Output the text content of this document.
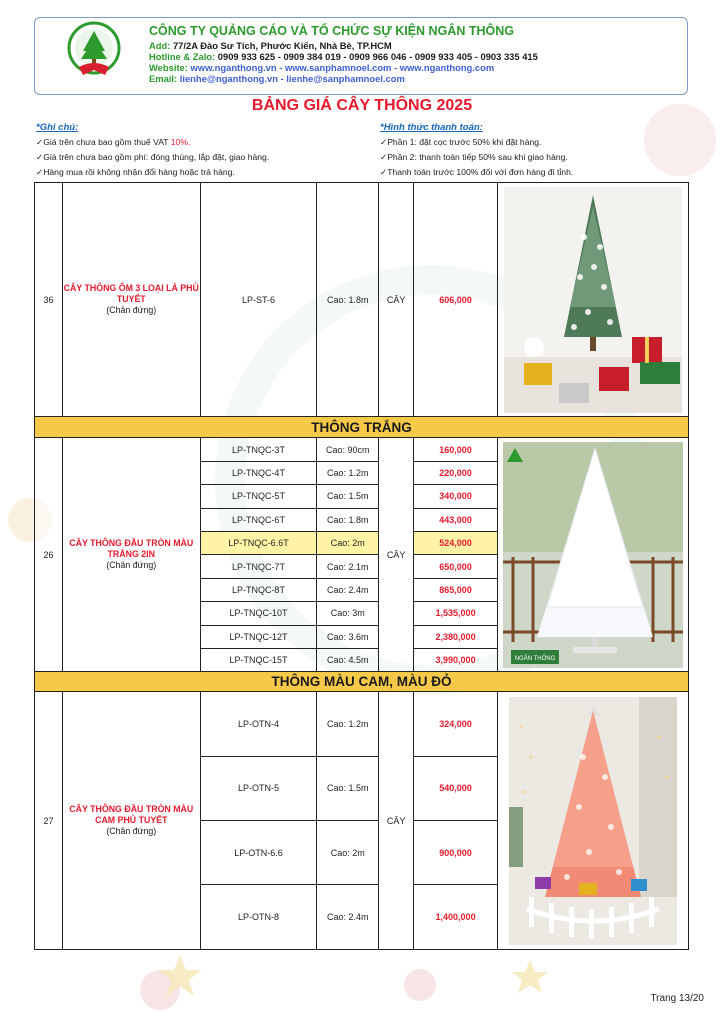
CÔNG TY QUẢNG CÁO VÀ TỔ CHỨC SỰ KIỆN NGÂN THÔNG
Add: 77/2A Đào Sư Tích, Phước Kiển, Nhà Bè, TP.HCM
Hotline & Zalo: 0909 933 625 - 0909 384 019 - 0909 966 046 - 0909 933 405 - 0903 335 415
Website: www.nganthong.vn - www.sanphamnoel.com - www.nganthong.com
Email: lienhe@nganthong.vn - lienhe@sanphamnoel.com
BẢNG GIÁ CÂY THÔNG 2025
*Ghi chú:
✓Giá trên chưa bao gồm thuế VAT 10%.
✓Giá trên chưa bao gồm phí: đóng thùng, lắp đặt, giao hàng.
✓Hàng mua rồi không nhận đổi hàng hoặc trả hàng.
*Hình thức thanh toán:
✓Phần 1: đặt cọc trước 50% khi đặt hàng.
✓Phần 2: thanh toán tiếp 50% sau khi giao hàng.
✓Thanh toán trước 100% đối với đơn hàng đi tỉnh.
36	CÂY THÔNG ÔM 3 LOẠI LÁ PHỦ TUYẾT
(Chân đứng)	LP-ST-6	Cao: 1.8m	CÂY	606,000	

THÔNG TRẮNG						
26	CÂY THÔNG ĐẦU TRÒN MÀU TRẮNG 2IN
(Chân đứng)	LP-TNQC-3T	Cao: 90cm	CÂY	160,000	NGÂN THÔNG

		LP-TNQC-4T	Cao: 1.2m		220,000	
		LP-TNQC-5T	Cao: 1.5m		340,000	
		LP-TNQC-6T	Cao: 1.8m		443,000	
		LP-TNQC-6.6T	Cao: 2m		524,000	
		LP-TNQC-7T	Cao: 2.1m		650,000	
		LP-TNQC-8T	Cao: 2.4m		865,000	
		LP-TNQC-10T	Cao: 3m		1,535,000	
		LP-TNQC-12T	Cao: 3.6m		2,380,000	
		LP-TNQC-15T	Cao: 4.5m		3,990,000	
THÔNG MÀU CAM, MÀU ĐỎ						
27	CÂY THÔNG ĐẦU TRÒN MÀU CAM PHỦ TUYẾT
(Chân đứng)	LP-OTN-4	Cao: 1.2m	CÂY	324,000	

		LP-OTN-5	Cao: 1.5m		540,000	
		LP-OTN-6.6	Cao: 2m		900,000	
		LP-OTN-8	Cao: 2.4m		1,400,000	
Trang 13/20
